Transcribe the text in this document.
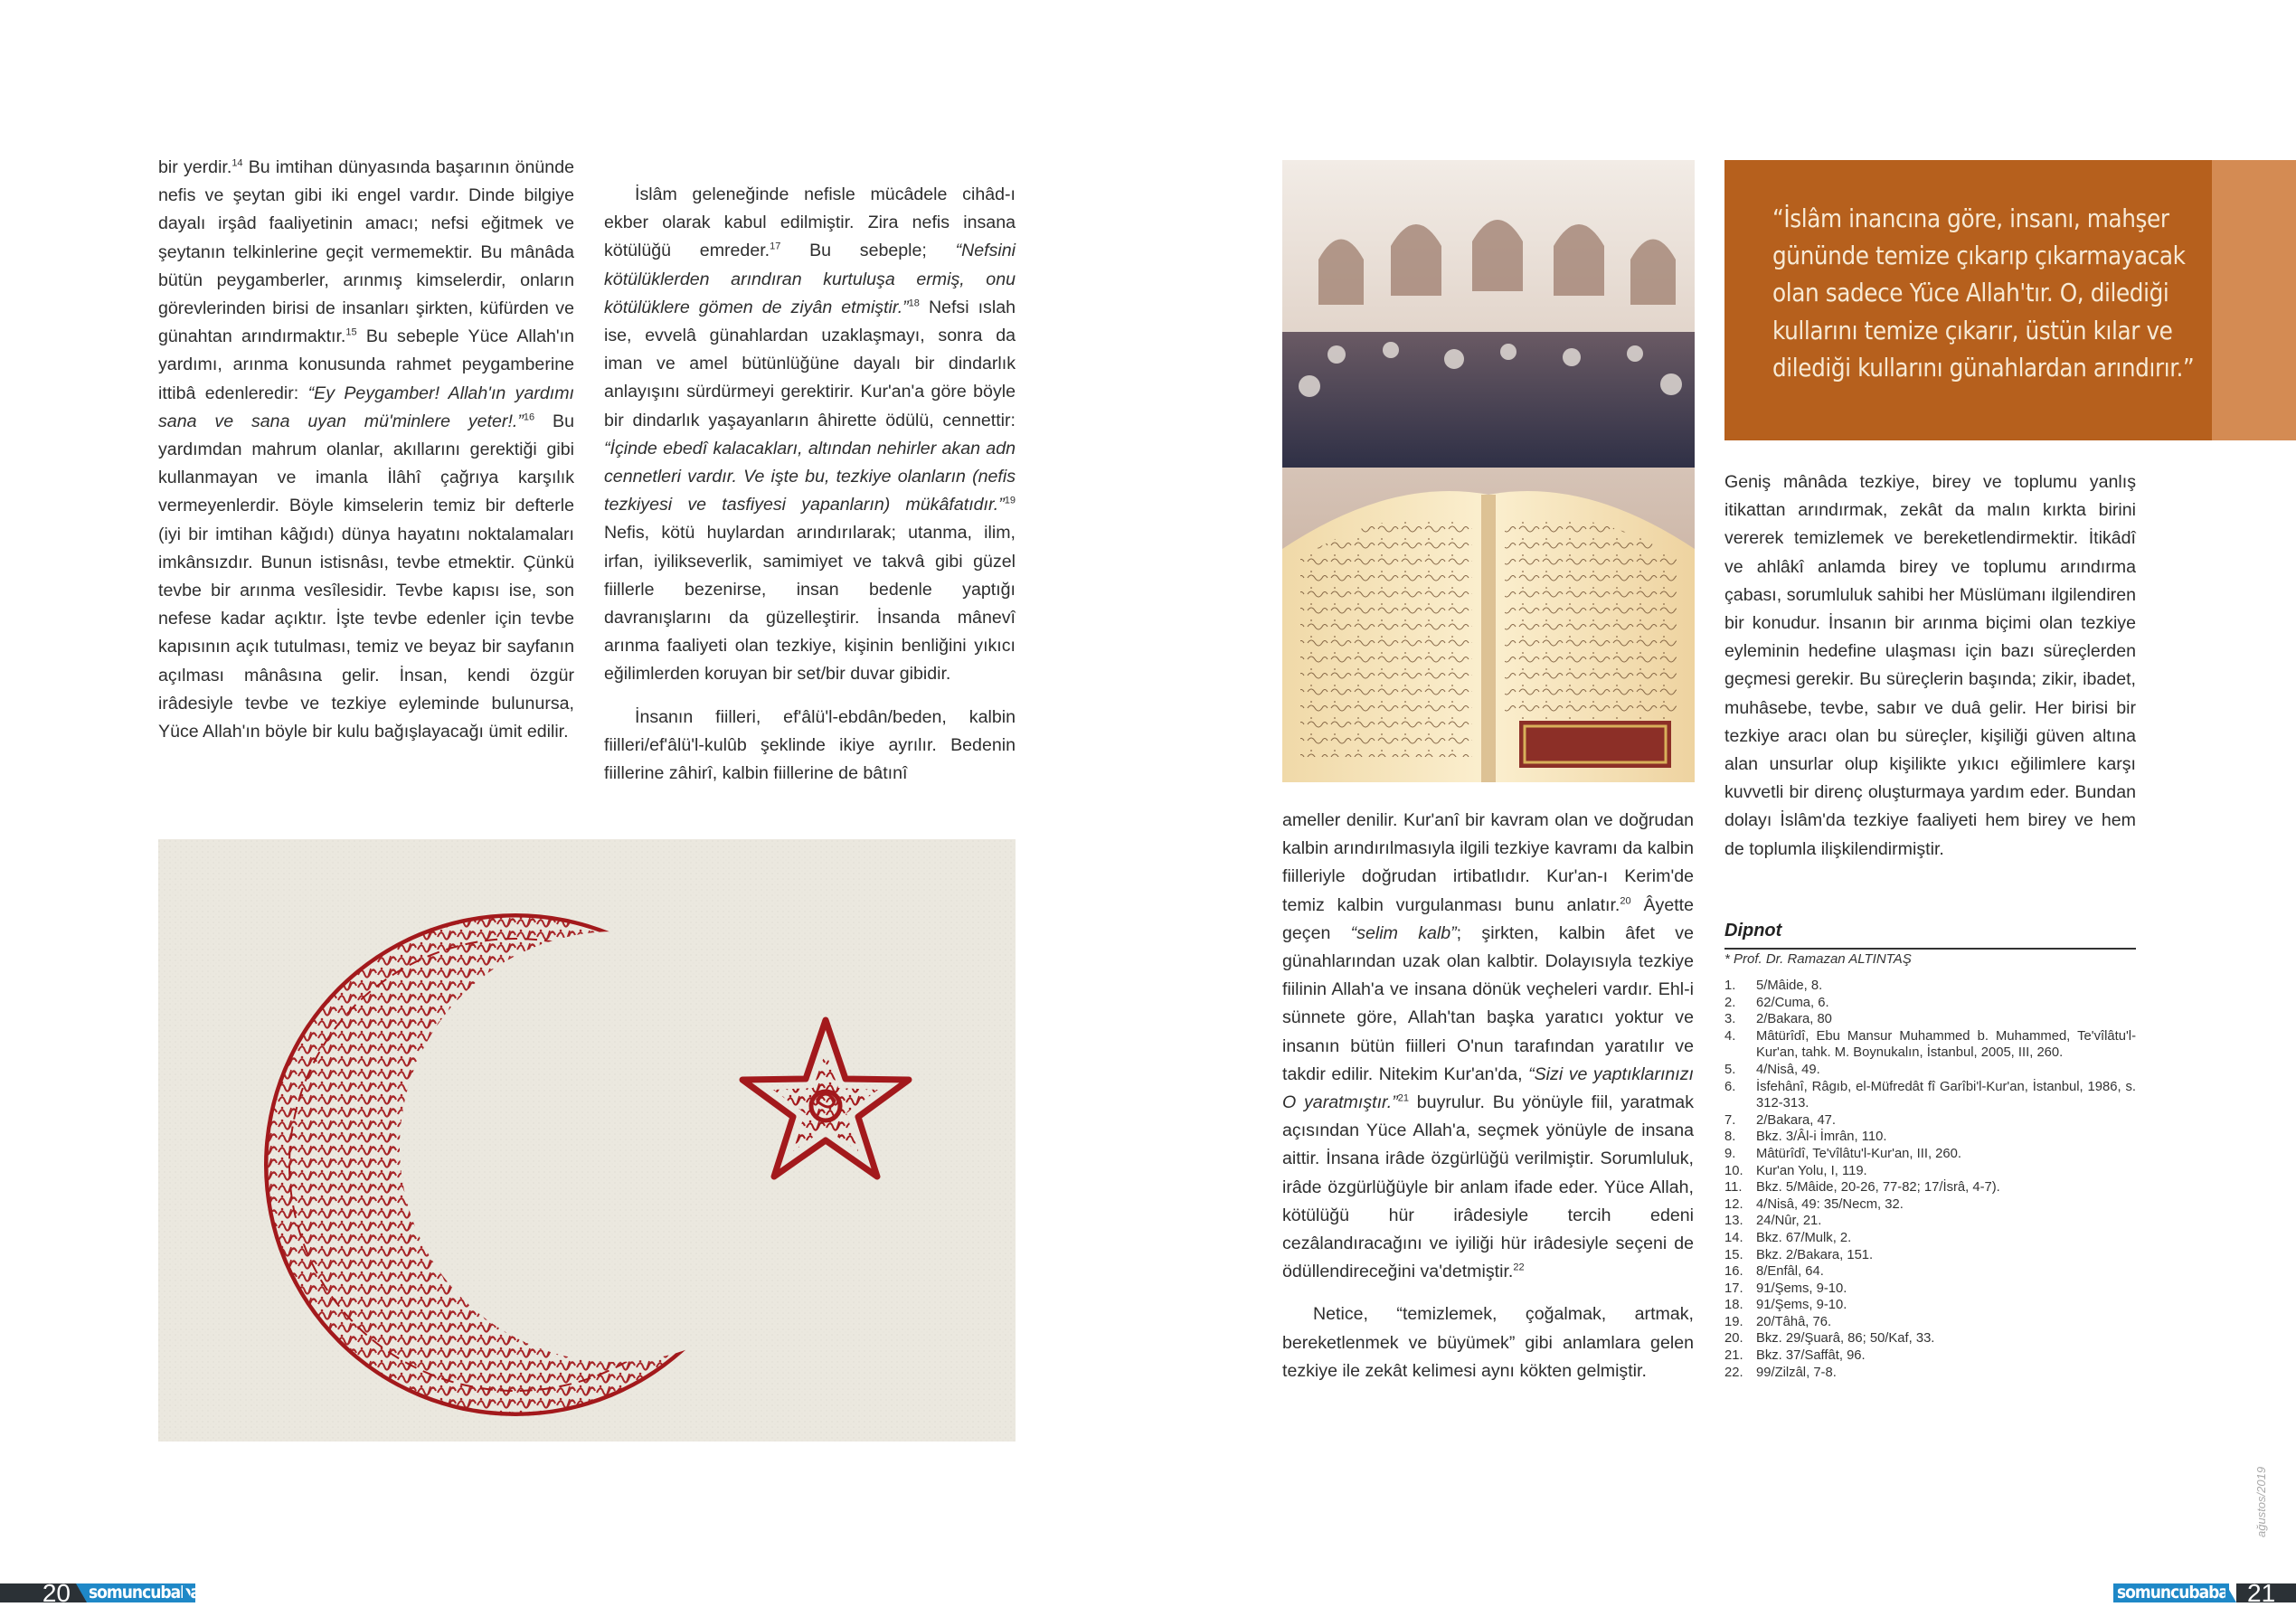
bir yerdir.$^{14}$ Bu imtihan dünyasında başarının önünde nefis ve şeytan gibi iki engel vardır. Dinde bilgiye dayalı irşâd faaliyetinin amacı; nefsi eğitmek ve şeytanın telkinlerine geçit vermemektir. Bu mânâda bütün peygamberler, arınmış kimselerdir, onların görevlerinden birisi de insanları şirkten, küfürden ve günahtan arındırmaktır.$^{15}$ Bu sebeple Yüce Allah'ın yardımı, arınma konusunda rahmet peygamberine ittibâ edenleredir: “Ey Peygamber! Allah'ın yardımı sana ve sana uyan mü'minlere yeter!.”$^{16}$ Bu yardımdan mahrum olanlar, akıllarını gerektiği gibi kullanmayan ve imanla İlâhî çağrıya karşılık vermeyenlerdir. Böyle kimselerin temiz bir defterle (iyi bir imtihan kâğıdı) dünya hayatını noktalamaları imkânsızdır. Bunun istisnâsı, tevbe etmektir. Çünkü tevbe bir arınma vesîlesidir. Tevbe kapısı ise, son nefese kadar açıktır. İşte tevbe edenler için tevbe kapısının açık tutulması, temiz ve beyaz bir sayfanın açılması mânâsına gelir. İnsan, kendi özgür irâdesiyle tevbe ve tezkiye eyleminde bulunursa, Yüce Allah'ın böyle bir kulu bağışlayacağı ümit edilir.

İslâm geleneğinde nefisle mücâdele cihâd-ı ekber olarak kabul edilmiştir. Zira nefis insana kötülüğü emreder.$^{17}$ Bu sebeple; “Nefsini kötülüklerden arındıran kurtuluşa ermiş, onu kötülüklere gömen de ziyân etmiştir.”$^{18}$ Nefsi ıslah ise, evvelâ günahlardan uzaklaşmayı, sonra da iman ve amel bütünlüğüne dayalı bir dindarlık anlayışını sürdürmeyi gerektirir. Kur'an'a göre böyle bir dindarlık yaşayanların âhirette ödülü, cennettir: “İçinde ebedî kalacakları, altından nehirler akan adn cennetleri vardır. Ve işte bu, tezkiye olanların (nefis tezkiyesi ve tasfiyesi yapanların) mükâfatıdır.”$^{19}$ Nefis, kötü huylardan arındırılarak; utanma, ilim, irfan, iyilikseverlik, samimiyet ve takvâ gibi güzel fiillerle bezenirse, insan bedenle yaptığı davranışlarını da güzelleştirir. İnsanda mânevî arınma faaliyeti olan tezkiye, kişinin benliğini yıkıcı eğilimlerden koruyan bir set/bir duvar gibidir.

İnsanın fiilleri, ef'âlü'l-ebdân/beden, kalbin fiilleri/ef'âlü'l-kulûb şeklinde ikiye ayrılır. Bedenin fiillerine zâhirî, kalbin fiillerine de bâtınî

20	somuncubaba
“İslâm inancına göre, insanı, mahşer gününde temize çıkarıp çıkarmayacak olan sadece Yüce Allah'tır. O, dilediği kullarını temize çıkarır, üstün kılar ve dilediği kullarını günahlardan arındırır.”

ameller denilir. Kur'anî bir kavram olan ve doğrudan kalbin arındırılmasıyla ilgili tezkiye kavramı da kalbin fiilleriyle doğrudan irtibatlıdır. Kur'an-ı Kerim'de temiz kalbin vurgulanması bunu anlatır.$^{20}$ Âyette geçen “selim kalb”; şirkten, kalbin âfet ve günahlarından uzak olan kalbtir. Dolayısıyla tezkiye fiilinin Allah'a ve insana dönük veçheleri vardır. Ehl-i sünnete göre, Allah'tan başka yaratıcı yoktur ve insanın bütün fiilleri O'nun tarafından yaratılır ve takdir edilir. Nitekim Kur'an'da, “Sizi ve yaptıklarınızı O yaratmıştır.”$^{21}$ buyrulur. Bu yönüyle fiil, yaratmak açısından Yüce Allah'a, seçmek yönüyle de insana aittir. İnsana irâde özgürlüğü verilmiştir. Sorumluluk, irâde özgürlüğüyle bir anlam ifade eder. Yüce Allah, kötülüğü hür irâdesiyle tercih edeni cezâlandıracağını ve iyiliği hür irâdesiyle seçeni de ödüllendireceğini va'detmiştir.$^{22}$

Netice, “temizlemek, çoğalmak, artmak, bereketlenmek ve büyümek” gibi anlamlara gelen tezkiye ile zekât kelimesi aynı kökten gelmiştir.

Geniş mânâda tezkiye, birey ve toplumu yanlış itikattan arındırmak, zekât da malın kırkta birini vererek temizlemek ve bereketlendirmektir. İtikâdî ve ahlâkî anlamda birey ve toplumu arındırma çabası, sorumluluk sahibi her Müslümanı ilgilendiren bir konudur. İnsanın bir arınma biçimi olan tezkiye eyleminin hedefine ulaşması için bazı süreçlerden geçmesi gerekir. Bu süreçlerin başında; zikir, ibadet, muhâsebe, tevbe, sabır ve duâ gelir. Her birisi bir tezkiye aracı olan bu süreçler, kişiliği güven altına alan unsurlar olup kişilikte yıkıcı eğilimlere karşı kuvvetli bir direnç oluşturmaya yardım eder. Bundan dolayı İslâm'da tezkiye faaliyeti hem birey ve hem de toplumla ilişkilendirmiştir.

Dipnot
* Prof. Dr. Ramazan ALTINTAŞ
1.	5/Mâide, 8.
2.	62/Cuma, 6.
3.	2/Bakara, 80
4.	Mâtürîdî, Ebu Mansur Muhammed b. Muhammed, Te'vîlâtu'l-Kur'an, tahk. M. Boynukalın, İstanbul, 2005, III, 260.
5.	4/Nisâ, 49.
6.	İsfehânî, Râgıb, el-Müfredât fî Garîbi'l-Kur'an, İstanbul, 1986, s. 312-313.
7.	2/Bakara, 47.
8.	Bkz. 3/Âl-i İmrân, 110.
9.	Mâtürîdî, Te'vîlâtu'l-Kur'an, III, 260.
10. Kur'an Yolu, I, 119.
11.	Bkz. 5/Mâide, 20-26, 77-82; 17/İsrâ, 4-7).
12. 4/Nisâ, 49: 35/Necm, 32.
13. 24/Nûr, 21.
14. Bkz. 67/Mulk, 2.
15. Bkz. 2/Bakara, 151.
16. 8/Enfâl, 64.
17. 91/Şems, 9-10.
18. 91/Şems, 9-10.
19. 20/Tâhâ, 76.
20. Bkz. 29/Şuarâ, 86; 50/Kaf, 33.
21. Bkz. 37/Saffât, 96.
22. 99/Zilzâl, 7-8.
ağustos/2019
somuncubaba 21
